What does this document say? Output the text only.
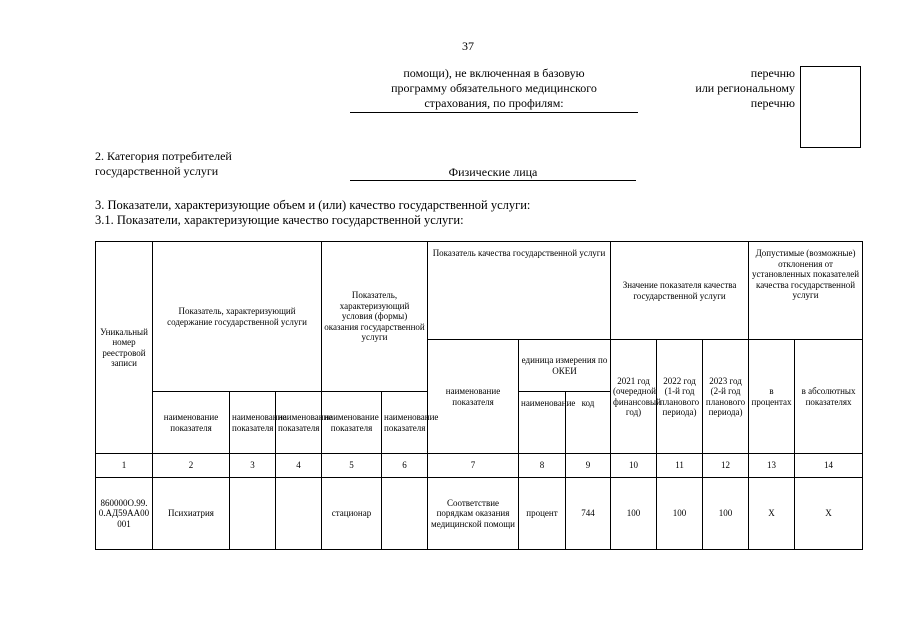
37
помощи), не включенная в базовую
программу обязательного медицинского
страхования, по профилям:
перечню
или региональному
перечню
2. Категория потребителей
государственной услуги	Физические лица
3. Показатели, характеризующие объем и (или) качество государственной услуги:
3.1. Показатели, характеризующие качество государственной услуги:
Уникальный номер реестровой записи	Показатель, характеризующий содержание государственной услуги			Показатель, характеризующий условия (формы) оказания государственной услуги		Показатель качества государственной услуги			Значение показателя качества государственной услуги			Допустимые (возможные) отклонения от установленных показателей качества государственной услуги	
						наименование показателя	единица измерения по ОКЕИ		2021 год (очередной финансовый год)	2022 год (1-й год планового периода)	2023 год (2-й год планового периода)	в процентах	в абсолютных показателях
	наименование показателя	наименование показателя	наименование показателя	наименование показателя	наименование показателя		наименование	код					
1	2	3	4	5	6	7	8	9	10	11	12	13	14
860000О.99.0.АД59АА00001	Психиатрия			стационар		Соответствие порядкам оказания медицинской помощи	процент	744	100	100	100	Х	Х
